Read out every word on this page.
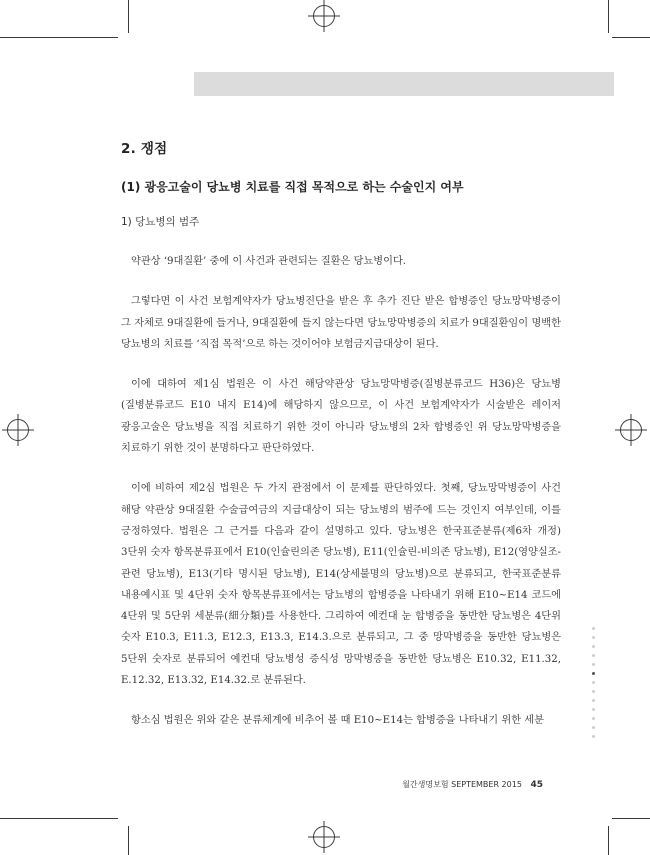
2. 쟁점
(1) 광응고술이 당뇨병 치료를 직접 목적으로 하는 수술인지 여부
1) 당뇨병의 범주

약관상 ‘9대질환’ 중에 이 사건과 관련되는 질환은 당뇨병이다.

그렇다면 이 사건 보험계약자가 당뇨병진단을 받은 후 추가 진단 받은 합병증인 당뇨망막병증이 그 자체로 9대질환에 들거나, 9대질환에 들지 않는다면 당뇨망막병증의 치료가 9대질환임이 명백한 당뇨병의 치료를 ‘직접 목적’으로 하는 것이어야 보험금지급대상이 된다.

이에 대하여 제1심 법원은 이 사건 해당약관상 당뇨망막병증(질병분류코드 H36)은 당뇨병(질병분류코드 E10 내지 E14)에 해당하지 않으므로, 이 사건 보험계약자가 시술받은 레이저 광응고술은 당뇨병을 직접 치료하기 위한 것이 아니라 당뇨병의 2차 합병증인 위 당뇨망막병증을 치료하기 위한 것이 분명하다고 판단하였다.

이에 비하여 제2심 법원은 두 가지 관점에서 이 문제를 판단하였다. 첫째, 당뇨망막병증이 사건 해당 약관상 9대질환 수술급여금의 지급대상이 되는 당뇨병의 범주에 드는 것인지 여부인데, 이를 긍정하였다. 법원은 그 근거를 다음과 같이 설명하고 있다. 당뇨병은 한국표준분류(제6차 개정) 3단위 숫자 항목분류표에서 E10(인슐린의존 당뇨병), E11(인슐린-비의존 당뇨병), E12(영양실조-관련 당뇨병), E13(기타 명시된 당뇨병), E14(상세불명의 당뇨병)으로 분류되고, 한국표준분류 내용예시표 및 4단위 숫자 항목분류표에서는 당뇨병의 합병증을 나타내기 위해 E10~E14 코드에 4단위 및 5단위 세분류(細分類)를 사용한다. 그리하여 예컨대 눈 합병증을 동반한 당뇨병은 4단위 숫자 E10.3, E11.3, E12.3, E13.3, E14.3.으로 분류되고, 그 중 망막병증을 동반한 당뇨병은 5단위 숫자로 분류되어 예컨대 당뇨병성 증식성 망막병증을 동반한 당뇨병은 E10.32, E11.32, E.12.32, E13.32, E14.32.로 분류된다.

항소심 법원은 위와 같은 분류체계에 비추어 볼 때 E10~E14는 합병증을 나타내기 위한 세분

월간생명보험 SEPTEMBER 2015 45
